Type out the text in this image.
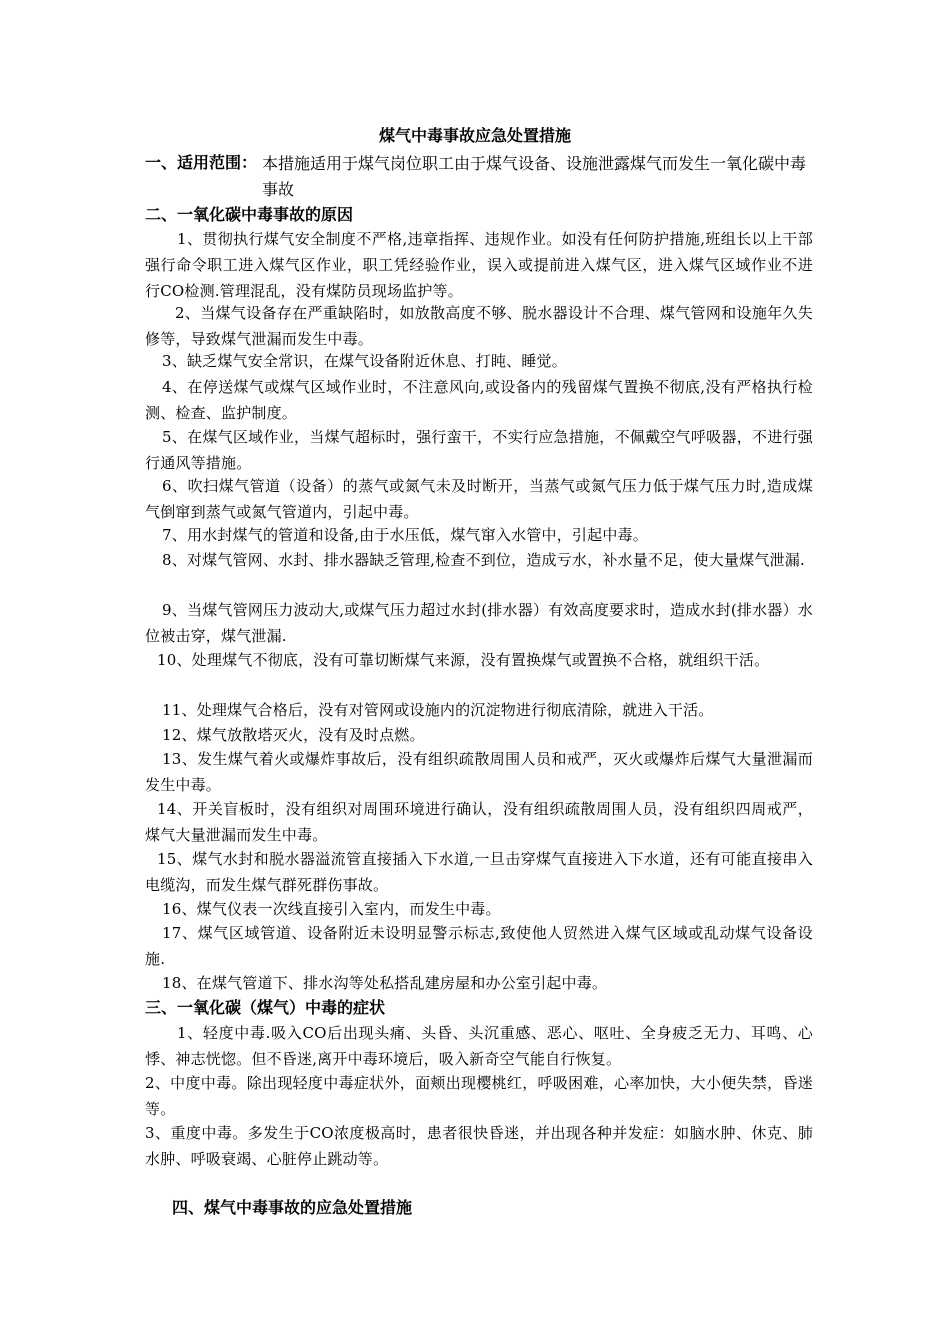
煤气中毒事故应急处置措施
一、适用范围： 本措施适用于煤气岗位职工由于煤气设备、设施泄露煤气而发生一氧化碳中毒事故
二、一氧化碳中毒事故的原因

1、贯彻执行煤气安全制度不严格,违章指挥、违规作业。如没有任何防护措施,班组长以上干部强行命令职工进入煤气区作业，职工凭经验作业，误入或提前进入煤气区，进入煤气区域作业不进行CO检测.管理混乱，没有煤防员现场监护等。

2、当煤气设备存在严重缺陷时，如放散高度不够、脱水器设计不合理、煤气管网和设施年久失修等，导致煤气泄漏而发生中毒。

3、缺乏煤气安全常识，在煤气设备附近休息、打盹、睡觉。

4、在停送煤气或煤气区域作业时，不注意风向,或设备内的残留煤气置换不彻底,没有严格执行检测、检查、监护制度。

5、在煤气区域作业，当煤气超标时，强行蛮干，不实行应急措施，不佩戴空气呼吸器，不进行强行通风等措施。

6、吹扫煤气管道（设备）的蒸气或氮气未及时断开，当蒸气或氮气压力低于煤气压力时,造成煤气倒窜到蒸气或氮气管道内，引起中毒。

7、用水封煤气的管道和设备,由于水压低，煤气窜入水管中，引起中毒。

8、对煤气管网、水封、排水器缺乏管理,检查不到位，造成亏水，补水量不足，使大量煤气泄漏.

9、当煤气管网压力波动大,或煤气压力超过水封(排水器）有效高度要求时，造成水封(排水器）水位被击穿，煤气泄漏.

10、处理煤气不彻底，没有可靠切断煤气来源，没有置换煤气或置换不合格，就组织干活。

11、处理煤气合格后，没有对管网或设施内的沉淀物进行彻底清除，就进入干活。

12、煤气放散塔灭火，没有及时点燃。

13、发生煤气着火或爆炸事故后，没有组织疏散周围人员和戒严，灭火或爆炸后煤气大量泄漏而发生中毒。

14、开关盲板时，没有组织对周围环境进行确认，没有组织疏散周围人员，没有组织四周戒严，煤气大量泄漏而发生中毒。

15、煤气水封和脱水器溢流管直接插入下水道,一旦击穿煤气直接进入下水道，还有可能直接串入电缆沟，而发生煤气群死群伤事故。

16、煤气仪表一次线直接引入室内，而发生中毒。

17、煤气区域管道、设备附近未设明显警示标志,致使他人贸然进入煤气区域或乱动煤气设备设施.

18、在煤气管道下、排水沟等处私搭乱建房屋和办公室引起中毒。

三、一氧化碳（煤气）中毒的症状

1、轻度中毒.吸入CO后出现头痛、头昏、头沉重感、恶心、呕吐、全身疲乏无力、耳鸣、心悸、神志恍惚。但不昏迷,离开中毒环境后，吸入新奇空气能自行恢复。

2、中度中毒。除出现轻度中毒症状外，面颊出现樱桃红，呼吸困难，心率加快，大小便失禁，昏迷等。

3、重度中毒。多发生于CO浓度极高时，患者很快昏迷，并出现各种并发症：如脑水肿、休克、肺水肿、呼吸衰竭、心脏停止跳动等。

四、煤气中毒事故的应急处置措施
